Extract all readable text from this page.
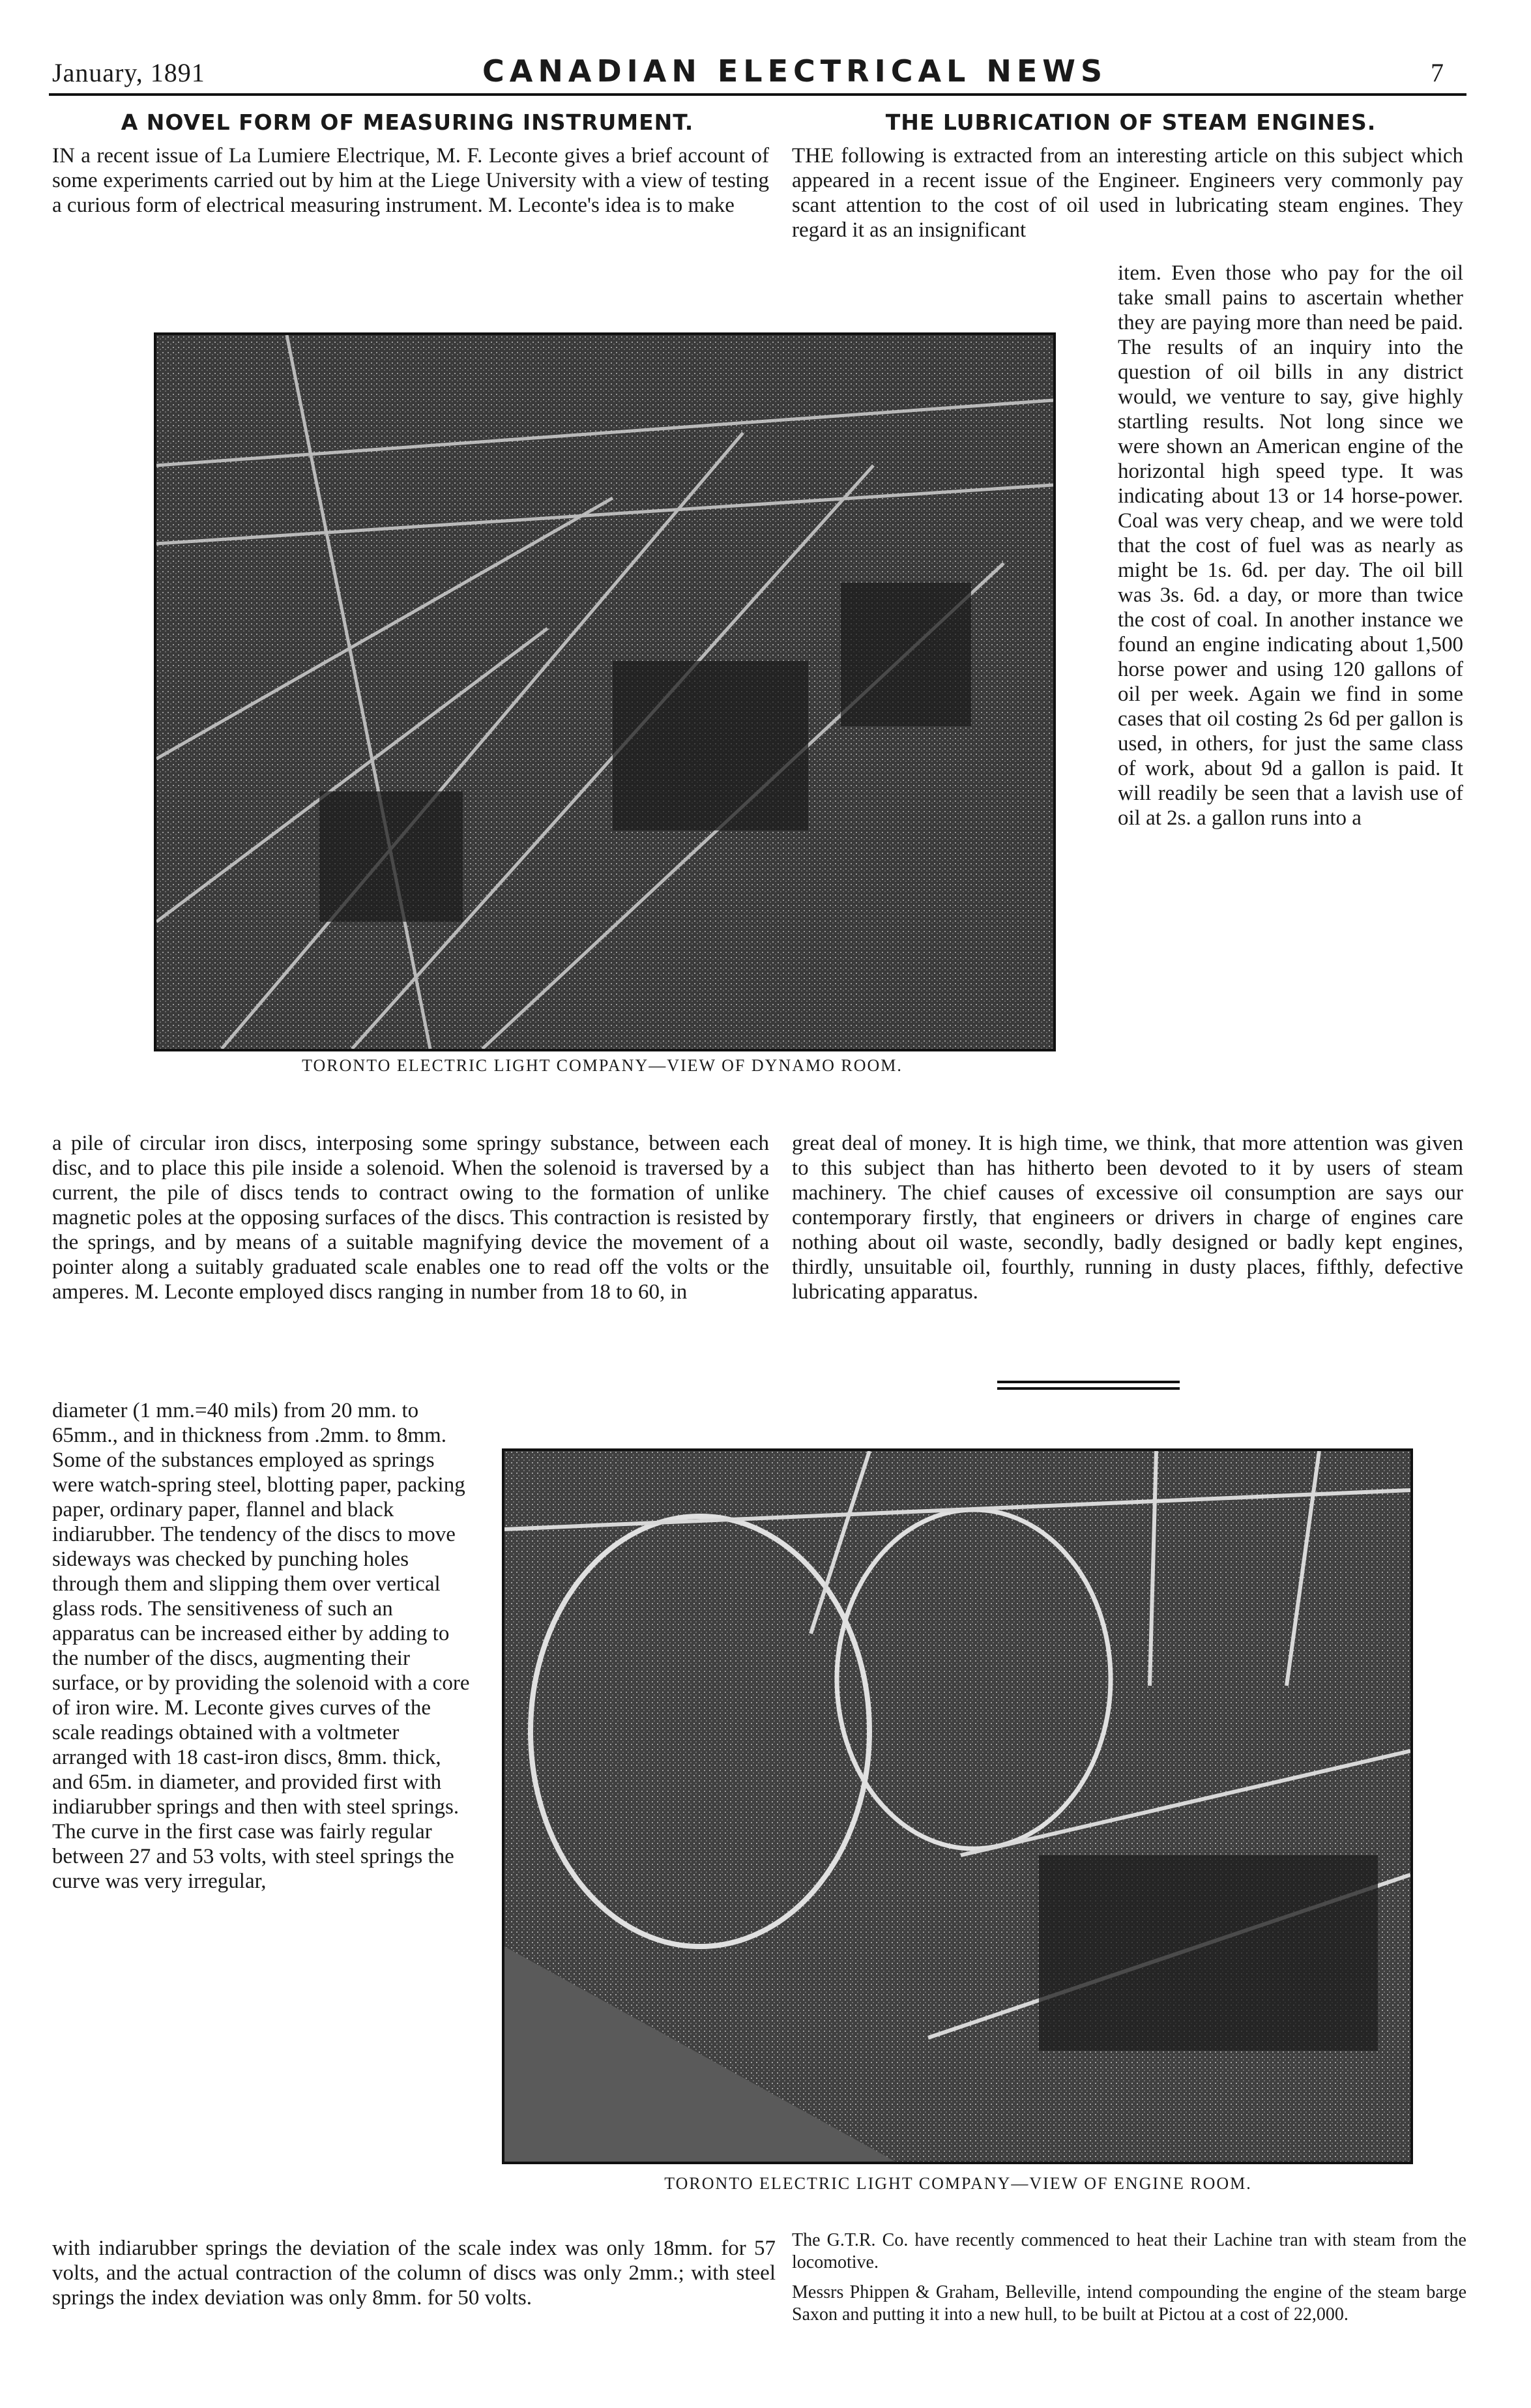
January, 1891	CANADIAN ELECTRICAL NEWS	7
A NOVEL FORM OF MEASURING INSTRUMENT.
IN a recent issue of La Lumiere Electrique, M. F. Leconte gives a brief account of some experiments carried out by him at the Liege University with a view of testing a curious form of electrical measuring instrument. M. Leconte's idea is to make
THE LUBRICATION OF STEAM ENGINES.
THE following is extracted from an interesting article on this subject which appeared in a recent issue of the Engineer. Engineers very commonly pay scant attention to the cost of oil used in lubricating steam engines. They regard it as an insignificant
TORONTO ELECTRIC LIGHT COMPANY—VIEW OF DYNAMO ROOM.
item. Even those who pay for the oil take small pains to ascertain whether they are paying more than need be paid. The results of an inquiry into the question of oil bills in any district would, we venture to say, give highly startling results. Not long since we were shown an American engine of the horizontal high speed type. It was indicating about 13 or 14 horse-power. Coal was very cheap, and we were told that the cost of fuel was as nearly as might be 1s. 6d. per day. The oil bill was 3s. 6d. a day, or more than twice the cost of coal. In another instance we found an engine indicating about 1,500 horse power and using 120 gallons of oil per week. Again we find in some cases that oil costing 2s 6d per gallon is used, in others, for just the same class of work, about 9d a gallon is paid. It will readily be seen that a lavish use of oil at 2s. a gallon runs into a
a pile of circular iron discs, interposing some springy substance, between each disc, and to place this pile inside a solenoid. When the solenoid is traversed by a current, the pile of discs tends to contract owing to the formation of unlike magnetic poles at the opposing surfaces of the discs. This contraction is resisted by the springs, and by means of a suitable magnifying device the movement of a pointer along a suitably graduated scale enables one to read off the volts or the amperes. M. Leconte employed discs ranging in number from 18 to 60, in
great deal of money. It is high time, we think, that more attention was given to this subject than has hitherto been devoted to it by users of steam machinery. The chief causes of excessive oil consumption are says our contemporary firstly, that engineers or drivers in charge of engines care nothing about oil waste, secondly, badly designed or badly kept engines, thirdly, unsuitable oil, fourthly, running in dusty places, fifthly, defective lubricating apparatus.
diameter (1 mm.=40 mils) from 20 mm. to 65mm., and in thickness from .2mm. to 8mm. Some of the substances employed as springs were watch-spring steel, blotting paper, packing paper, ordinary paper, flannel and black indiarubber. The tendency of the discs to move sideways was checked by punching holes through them and slipping them over vertical glass rods. The sensitiveness of such an apparatus can be increased either by adding to the number of the discs, augmenting their surface, or by providing the solenoid with a core of iron wire. M. Leconte gives curves of the scale readings obtained with a voltmeter arranged with 18 cast-iron discs, 8mm. thick, and 65m. in diameter, and provided first with indiarubber springs and then with steel springs. The curve in the first case was fairly regular between 27 and 53 volts, with steel springs the curve was very irregular,
TORONTO ELECTRIC LIGHT COMPANY—VIEW OF ENGINE ROOM.
with indiarubber springs the deviation of the scale index was only 18mm. for 57 volts, and the actual contraction of the column of discs was only 2mm.; with steel springs the index deviation was only 8mm. for 50 volts.
The G.T.R. Co. have recently commenced to heat their Lachine tran with steam from the locomotive.
Messrs Phippen & Graham, Belleville, intend compounding the engine of the steam barge Saxon and putting it into a new hull, to be built at Pictou at a cost of 22,000.
